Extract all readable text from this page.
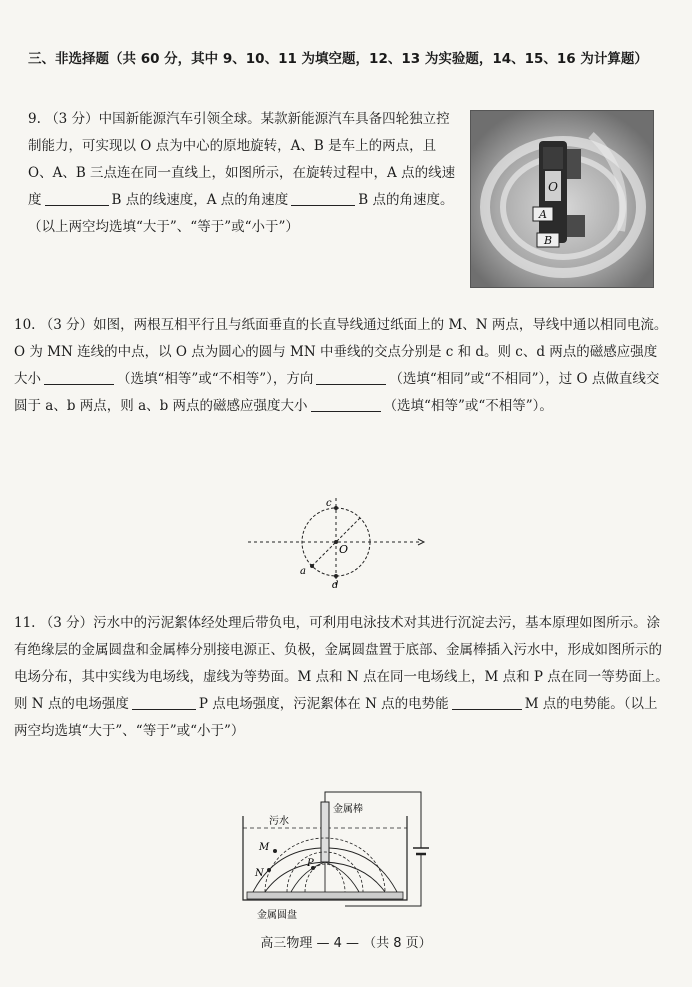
三、非选择题（共 60 分，其中 9、10、11 为填空题，12、13 为实验题，14、15、16 为计算题）
9. （3 分）中国新能源汽车引领全球。某款新能源汽车具备四轮独立控制能力，可实现以 O 点为中心的原地旋转，A、B 是车上的两点，且 O、A、B 三点连在同一直线上，如图所示，在旋转过程中，A 点的线速度	B 点的线速度，A 点的角速度	B 点的角速度。（以上两空均选填“大于”、“等于”或“小于”）
O
A
B
10. （3 分）如图，两根互相平行且与纸面垂直的长直导线通过纸面上的 M、N 两点，导线中通以相同电流。O 为 MN 连线的中点，以 O 点为圆心的圆与 MN 中垂线的交点分别是 c 和 d。则 c、d 两点的磁感应强度大小	（选填“相等”或“不相等”），方向	（选填“相同”或“不相同”），过 O 点做直线交圆于 a、b 两点，则 a、b 两点的磁感应强度大小	（选填“相等”或“不相等”）。
c
O
a
d
11. （3 分）污水中的污泥絮体经处理后带负电，可利用电泳技术对其进行沉淀去污，基本原理如图所示。涂有绝缘层的金属圆盘和金属棒分别接电源正、负极，金属圆盘置于底部、金属棒插入污水中，形成如图所示的电场分布，其中实线为电场线，虚线为等势面。M 点和 N 点在同一电场线上，M 点和 P 点在同一等势面上。则 N 点的电场强度	P 点电场强度，污泥絮体在 N 点的电势能	M 点的电势能。（以上两空均选填“大于”、“等于”或“小于”）
M
N
P
污水
金属棒
金属圆盘
高三物理 — 4 — （共 8 页）
